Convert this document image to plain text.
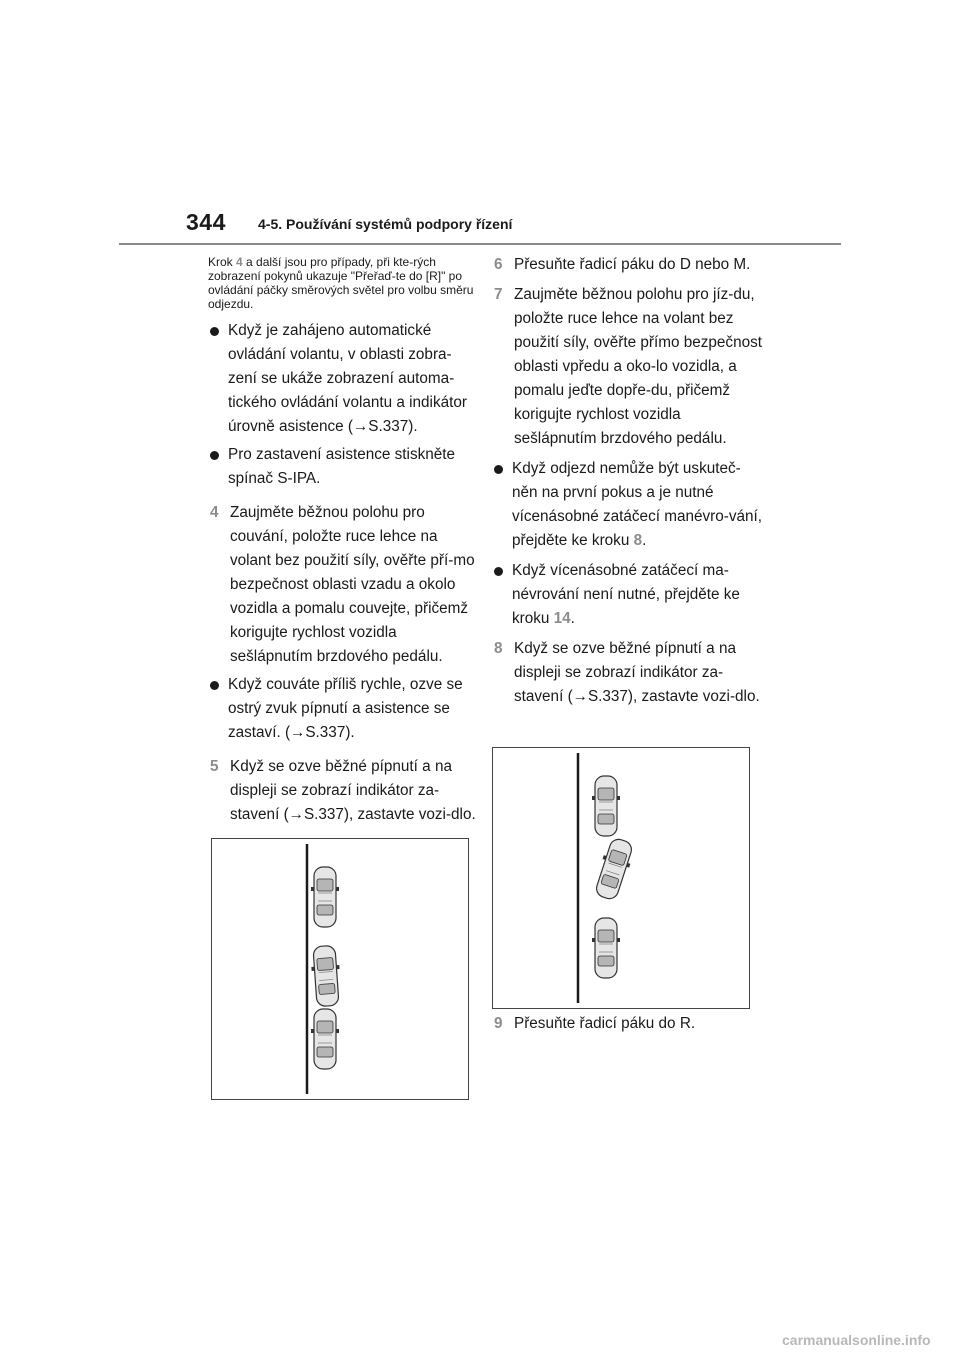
344 4-5. Používání systémů podpory řízení

Krok 4 a další jsou pro případy, při kte-rých zobrazení pokynů ukazuje "Přeřaď-te do [R]" po ovládání páčky směrových světel pro volbu směru odjezdu.

Když je zahájeno automatické ovládání volantu, v oblasti zobra-zení se ukáže zobrazení automa-tického ovládání volantu a indikátor úrovně asistence (→S.337).
Pro zastavení asistence stiskněte spínač S-IPA.
4 Zaujměte běžnou polohu pro couvání, položte ruce lehce na volant bez použití síly, ověřte pří-mo bezpečnost oblasti vzadu a okolo vozidla a pomalu couvejte, přičemž korigujte rychlost vozidla sešlápnutím brzdového pedálu.
Když couváte příliš rychle, ozve se ostrý zvuk pípnutí a asistence se zastaví. (→S.337).
5 Když se ozve běžné pípnutí a na displeji se zobrazí indikátor za-stavení (→S.337), zastavte vozi-dlo.
6 Přesuňte řadicí páku do D nebo M.
7 Zaujměte běžnou polohu pro jíz-du, položte ruce lehce na volant bez použití síly, ověřte přímo bezpečnost oblasti vpředu a oko-lo vozidla, a pomalu jeďte dopře-du, přičemž korigujte rychlost vozidla sešlápnutím brzdového pedálu.
Když odjezd nemůže být uskuteč-něn na první pokus a je nutné vícenásobné zatáčecí manévro-vání, přejděte ke kroku 8.
Když vícenásobné zatáčecí ma-névrování není nutné, přejděte ke kroku 14.
8 Když se ozve běžné pípnutí a na displeji se zobrazí indikátor za-stavení (→S.337), zastavte vozi-dlo.
9 Přesuňte řadicí páku do R.
carmanualsonline.info
